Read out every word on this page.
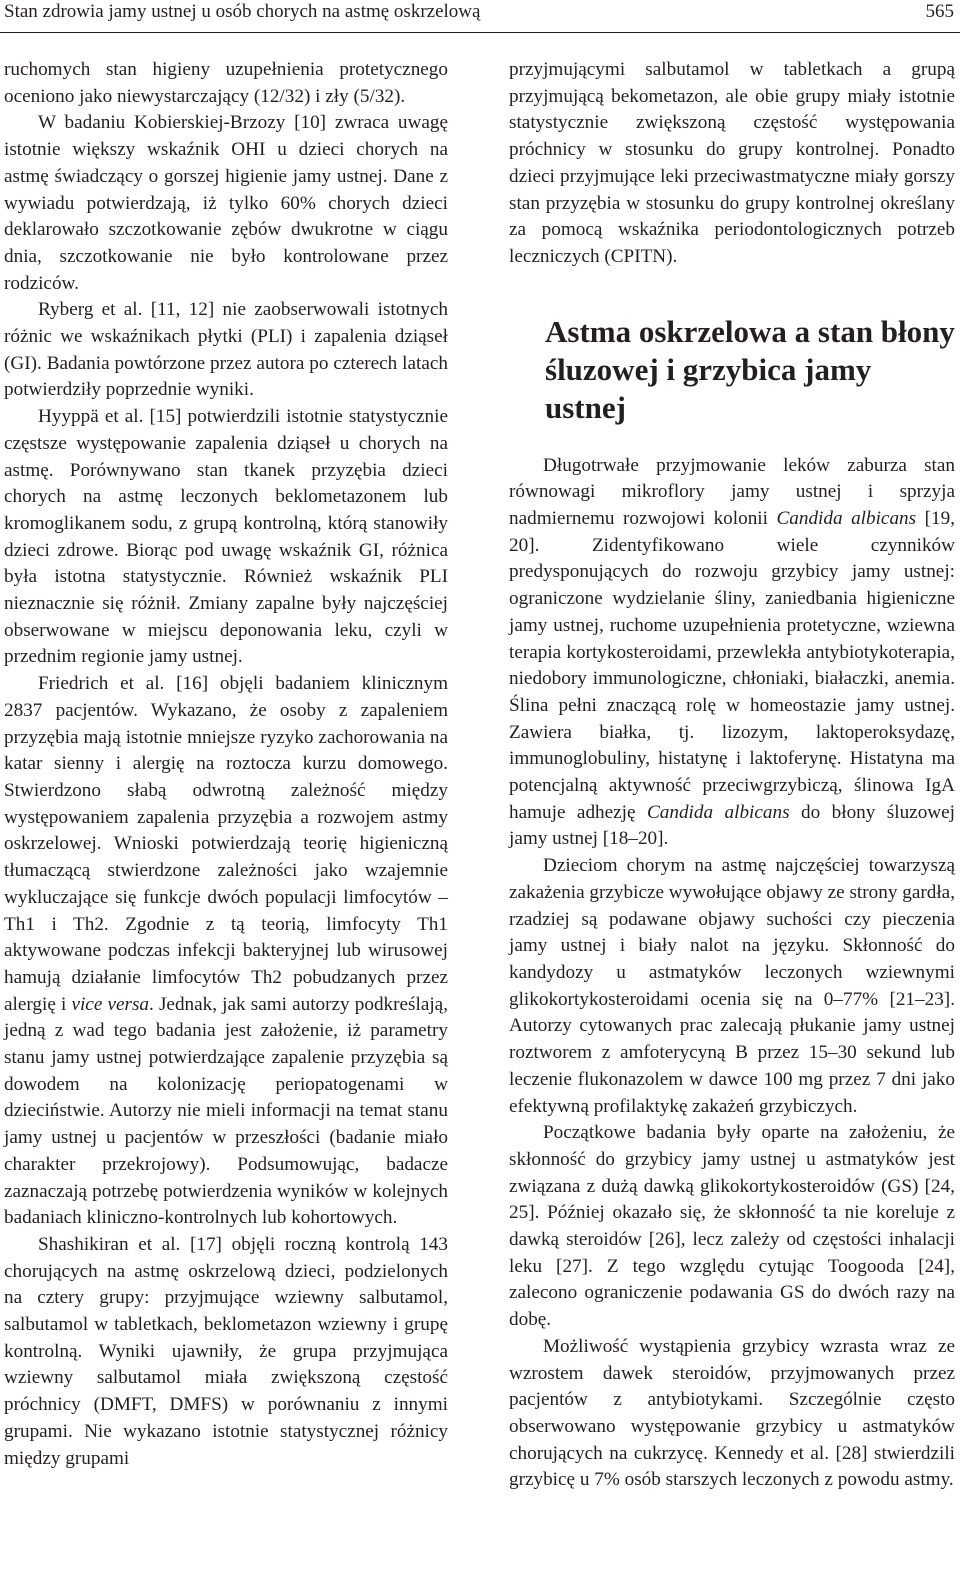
Stan zdrowia jamy ustnej u osób chorych na astmę oskrzelową	565

ruchomych stan higieny uzupełnienia protetycznego oceniono jako niewystarczający (12/32) i zły (5/32).

W badaniu Kobierskiej-Brzozy [10] zwraca uwagę istotnie większy wskaźnik OHI u dzieci chorych na astmę świadczący o gorszej higienie jamy ustnej. Dane z wywiadu potwierdzają, iż tylko 60% chorych dzieci deklarowało szczotkowanie zębów dwukrotne w ciągu dnia, szczotkowanie nie było kontrolowane przez rodziców.

Ryberg et al. [11, 12] nie zaobserwowali istotnych różnic we wskaźnikach płytki (PLI) i zapalenia dziąseł (GI). Badania powtórzone przez autora po czterech latach potwierdziły poprzednie wyniki.

Hyyppä et al. [15] potwierdzili istotnie statystycznie częstsze występowanie zapalenia dziąseł u chorych na astmę. Porównywano stan tkanek przyzębia dzieci chorych na astmę leczonych beklometazonem lub kromoglikanem sodu, z grupą kontrolną, którą stanowiły dzieci zdrowe. Biorąc pod uwagę wskaźnik GI, różnica była istotna statystycznie. Również wskaźnik PLI nieznacznie się różnił. Zmiany zapalne były najczęściej obserwowane w miejscu deponowania leku, czyli w przednim regionie jamy ustnej.

Friedrich et al. [16] objęli badaniem klinicznym 2837 pacjentów. Wykazano, że osoby z zapaleniem przyzębia mają istotnie mniejsze ryzyko zachorowania na katar sienny i alergię na roztocza kurzu domowego. Stwierdzono słabą odwrotną zależność między występowaniem zapalenia przyzębia a rozwojem astmy oskrzelowej. Wnioski potwierdzają teorię higieniczną tłumaczącą stwierdzone zależności jako wzajemnie wykluczające się funkcje dwóch populacji limfocytów – Th1 i Th2. Zgodnie z tą teorią, limfocyty Th1 aktywowane podczas infekcji bakteryjnej lub wirusowej hamują działanie limfocytów Th2 pobudzanych przez alergię i vice versa. Jednak, jak sami autorzy podkreślają, jedną z wad tego badania jest założenie, iż parametry stanu jamy ustnej potwierdzające zapalenie przyzębia są dowodem na kolonizację periopatogenami w dzieciństwie. Autorzy nie mieli informacji na temat stanu jamy ustnej u pacjentów w przeszłości (badanie miało charakter przekrojowy). Podsumowując, badacze zaznaczają potrzebę potwierdzenia wyników w kolejnych badaniach kliniczno-kontrolnych lub kohortowych.

Shashikiran et al. [17] objęli roczną kontrolą 143 chorujących na astmę oskrzelową dzieci, podzielonych na cztery grupy: przyjmujące wziewny salbutamol, salbutamol w tabletkach, beklometazon wziewny i grupę kontrolną. Wyniki ujawniły, że grupa przyjmująca wziewny salbutamol miała zwiększoną częstość próchnicy (DMFT, DMFS) w porównaniu z innymi grupami. Nie wykazano istotnie statystycznej różnicy między grupami

przyjmującymi salbutamol w tabletkach a grupą przyjmującą bekometazon, ale obie grupy miały istotnie statystycznie zwiększoną częstość występowania próchnicy w stosunku do grupy kontrolnej. Ponadto dzieci przyjmujące leki przeciwastmatyczne miały gorszy stan przyzębia w stosunku do grupy kontrolnej określany za pomocą wskaźnika periodontologicznych potrzeb leczniczych (CPITN).

Astma oskrzelowa a stan błony śluzowej i grzybica jamy ustnej

Długotrwałe przyjmowanie leków zaburza stan równowagi mikroflory jamy ustnej i sprzyja nadmiernemu rozwojowi kolonii Candida albicans [19, 20]. Zidentyfikowano wiele czynników predysponujących do rozwoju grzybicy jamy ustnej: ograniczone wydzielanie śliny, zaniedbania higieniczne jamy ustnej, ruchome uzupełnienia protetyczne, wziewna terapia kortykosteroidami, przewlekła antybiotykoterapia, niedobory immunologiczne, chłoniaki, białaczki, anemia. Ślina pełni znaczącą rolę w homeostazie jamy ustnej. Zawiera białka, tj. lizozym, laktoperoksydazę, immunoglobuliny, histatynę i laktoferynę. Histatyna ma potencjalną aktywność przeciwgrzybiczą, ślinowa IgA hamuje adhezję Candida albicans do błony śluzowej jamy ustnej [18–20].

Dzieciom chorym na astmę najczęściej towarzyszą zakażenia grzybicze wywołujące objawy ze strony gardła, rzadziej są podawane objawy suchości czy pieczenia jamy ustnej i biały nalot na języku. Skłonność do kandydozy u astmatyków leczonych wziewnymi glikokortykosteroidami ocenia się na 0–77% [21–23]. Autorzy cytowanych prac zalecają płukanie jamy ustnej roztworem z amfoterycyną B przez 15–30 sekund lub leczenie flukonazolem w dawce 100 mg przez 7 dni jako efektywną profilaktykę zakażeń grzybiczych.

Początkowe badania były oparte na założeniu, że skłonność do grzybicy jamy ustnej u astmatyków jest związana z dużą dawką glikokortykosteroidów (GS) [24, 25]. Później okazało się, że skłonność ta nie koreluje z dawką steroidów [26], lecz zależy od częstości inhalacji leku [27]. Z tego względu cytując Toogooda [24], zalecono ograniczenie podawania GS do dwóch razy na dobę.

Możliwość wystąpienia grzybicy wzrasta wraz ze wzrostem dawek steroidów, przyjmowanych przez pacjentów z antybiotykami. Szczególnie często obserwowano występowanie grzybicy u astmatyków chorujących na cukrzycę. Kennedy et al. [28] stwierdzili grzybicę u 7% osób starszych leczonych z powodu astmy.
